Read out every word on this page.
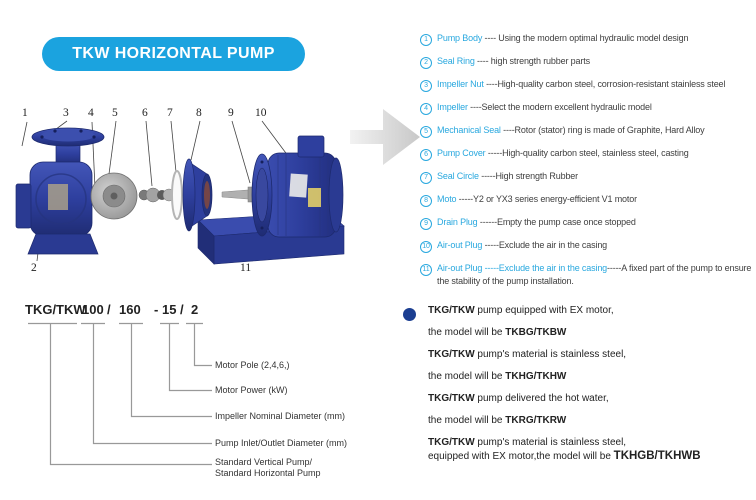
TKW HORIZONTAL PUMP
1	3 4 5 6 7 8 9 10
2	11
1 Pump Body ---- Using the modern optimal hydraulic model design
2 Seal Ring ---- high strength rubber parts
3 Impeller Nut ----High-quality carbon steel, corrosion-resistant stainless steel
4 Impeller ----Select the modern excellent hydraulic model
5 Mechanical Seal ----Rotor (stator) ring is made of Graphite, Hard Alloy
6 Pump Cover -----High-quality carbon steel, stainless steel, casting
7 Seal Circle -----High strength Rubber
8 Moto -----Y2 or YX3 series energy-efficient V1 motor
9 Drain Plug ------Empty the pump case once stopped
10 Air-out Plug -----Exclude the air in the casing
11 Air-out Plug -----Exclude the air in the casing-----A fixed part of the pump to ensure the stability of the pump installation.
TKG/TKW
100 / 160 - 15 / 2
Motor Pole (2,4,6,)
Motor Power (kW)
Impeller Nominal Diameter (mm)
Pump Inlet/Outlet Diameter (mm)
Standard Vertical Pump/
Standard Horizontal Pump
TKG/TKW pump equipped with EX motor,
the model will be TKBG/TKBW
TKG/TKW pump's material is stainless steel,
the model will be TKHG/TKHW
TKG/TKW pump delivered the hot water,
the model will be TKRG/TKRW
TKG/TKW pump's material is stainless steel,
equipped with EX motor,the model will be TKHGB/TKHWB
